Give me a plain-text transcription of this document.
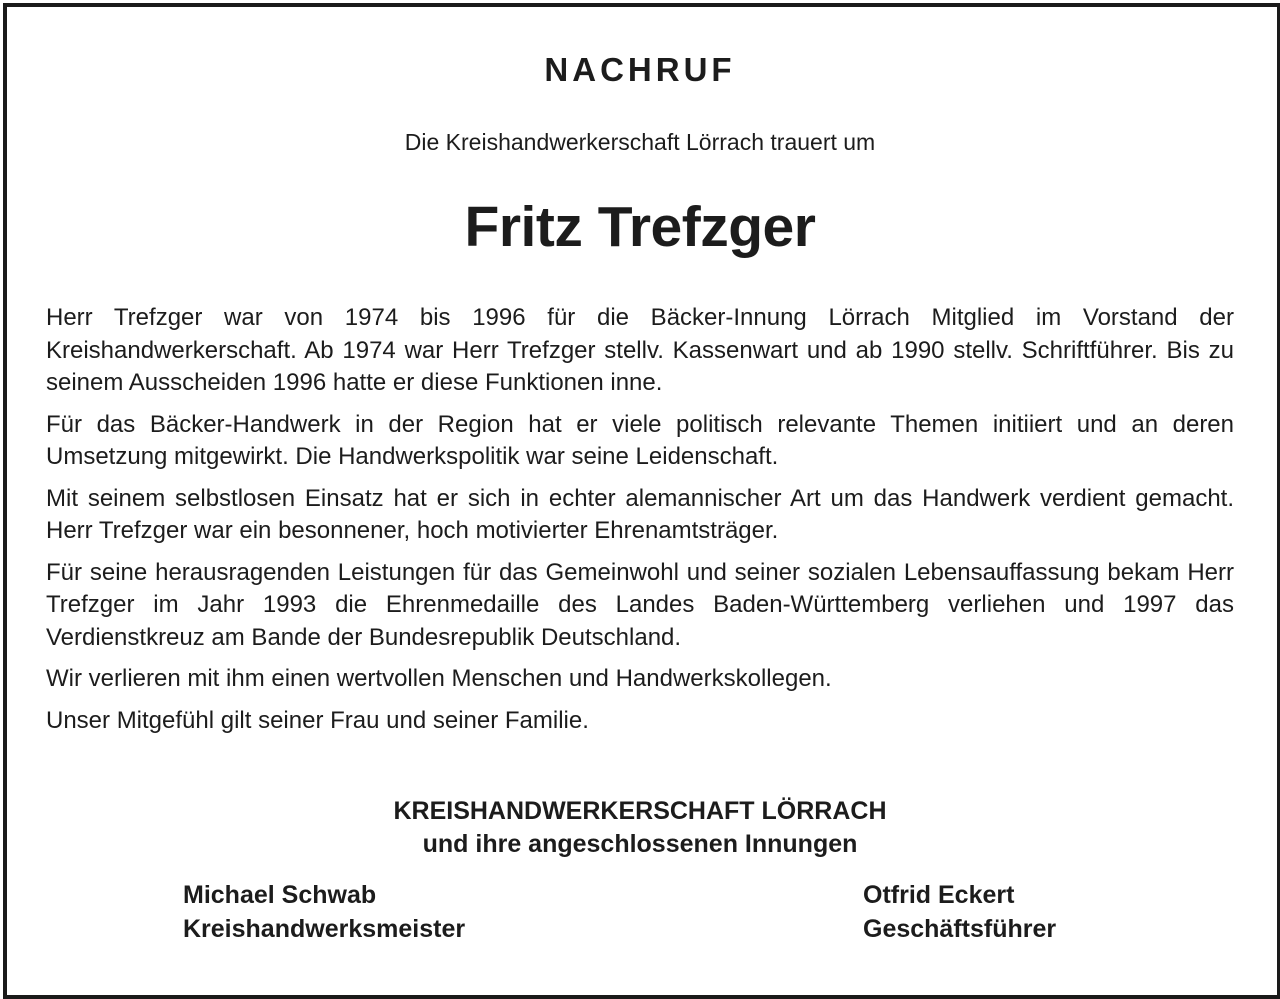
NACHRUF
Die Kreishandwerkerschaft Lörrach trauert um
Fritz Trefzger

Herr Trefzger war von 1974 bis 1996 für die Bäcker-Innung Lörrach Mitglied im Vorstand der Kreishandwerkerschaft. Ab 1974 war Herr Trefzger stellv. Kassenwart und ab 1990 stellv. Schriftführer. Bis zu seinem Ausscheiden 1996 hatte er diese Funktionen inne.

Für das Bäcker-Handwerk in der Region hat er viele politisch relevante Themen initiiert und an deren Umsetzung mitgewirkt. Die Handwerkspolitik war seine Leidenschaft.

Mit seinem selbstlosen Einsatz hat er sich in echter alemannischer Art um das Handwerk verdient gemacht. Herr Trefzger war ein besonnener, hoch motivierter Ehrenamtsträger.

Für seine herausragenden Leistungen für das Gemeinwohl und seiner sozialen Lebensauffassung bekam Herr Trefzger im Jahr 1993 die Ehrenmedaille des Landes Baden-Württemberg verliehen und 1997 das Verdienstkreuz am Bande der Bundesrepublik Deutschland.

Wir verlieren mit ihm einen wertvollen Menschen und Handwerkskollegen.

Unser Mitgefühl gilt seiner Frau und seiner Familie.

KREISHANDWERKERSCHAFT LÖRRACH
und ihre angeschlossenen Innungen
Michael Schwab
Kreishandwerksmeister
Otfrid Eckert
Geschäftsführer
